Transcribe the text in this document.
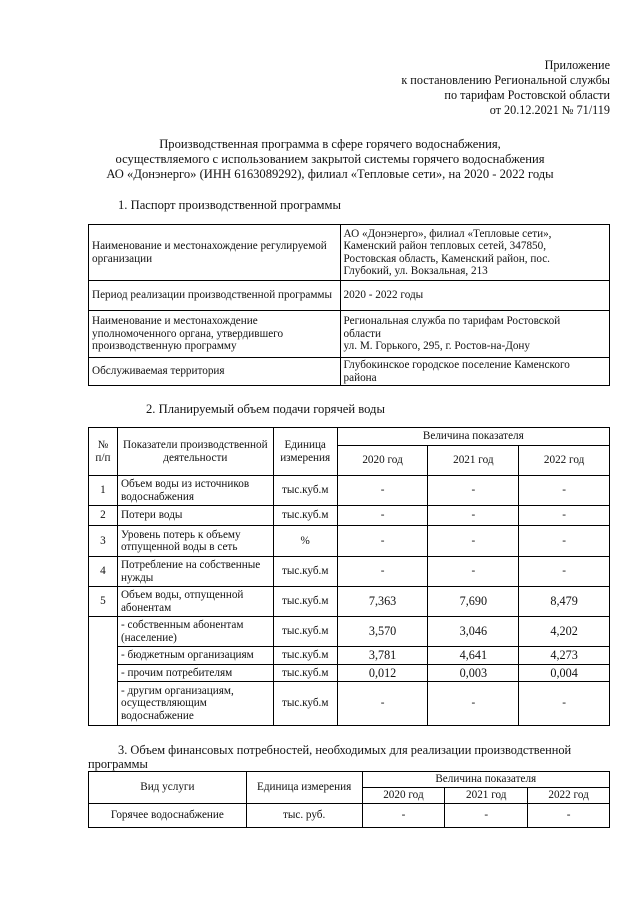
Приложение
к постановлению Региональной службы
по тарифам Ростовской области
от 20.12.2021 № 71/119
Производственная программа в сфере горячего водоснабжения,
осуществляемого с использованием закрытой системы горячего водоснабжения
АО «Донэнерго» (ИНН 6163089292), филиал «Тепловые сети», на 2020 - 2022 годы
1. Паспорт производственной программы
Наименование и местонахождение регулируемой организации	АО «Донэнерго», филиал «Тепловые сети»,
Каменский район тепловых сетей, 347850,
Ростовская область, Каменский район, пос.
Глубокий, ул. Вокзальная, 213

Период реализации производственной программы	2020 - 2022 годы
Наименование и местонахождение уполномоченного органа, утвердившего производственную программу	Региональная служба по тарифам Ростовской
области
ул. М. Горького, 295, г. Ростов-на-Дону

Обслуживаемая территория	Глубокинское городское поселение Каменского
района
2. Планируемый объем подачи горячей воды
№ п/п	Показатели производственной деятельности	Единица измерения	Величина показателя		
			2020 год	2021 год	2022 год
1	Объем воды из источников водоснабжения	тыс.куб.м	-	-	-
2	Потери воды	тыс.куб.м	-	-	-
3	Уровень потерь к объему отпущенной воды в сеть	%	-	-	-
4	Потребление на собственные нужды	тыс.куб.м	-	-	-
5	Объем воды, отпущенной абонентам	тыс.куб.м	7,363	7,690	8,479
	- собственным абонентам (население)	тыс.куб.м	3,570	3,046	4,202
	- бюджетным организациям	тыс.куб.м	3,781	4,641	4,273
	- прочим потребителям	тыс.куб.м	0,012	0,003	0,004
	- другим организациям, осуществляющим водоснабжение	тыс.куб.м	-	-	-
3. Объем финансовых потребностей, необходимых для реализации производственной
программы
Вид услуги	Единица измерения	Величина показателя		
		2020 год	2021 год	2022 год
Горячее водоснабжение	тыс. руб.	-	-	-
